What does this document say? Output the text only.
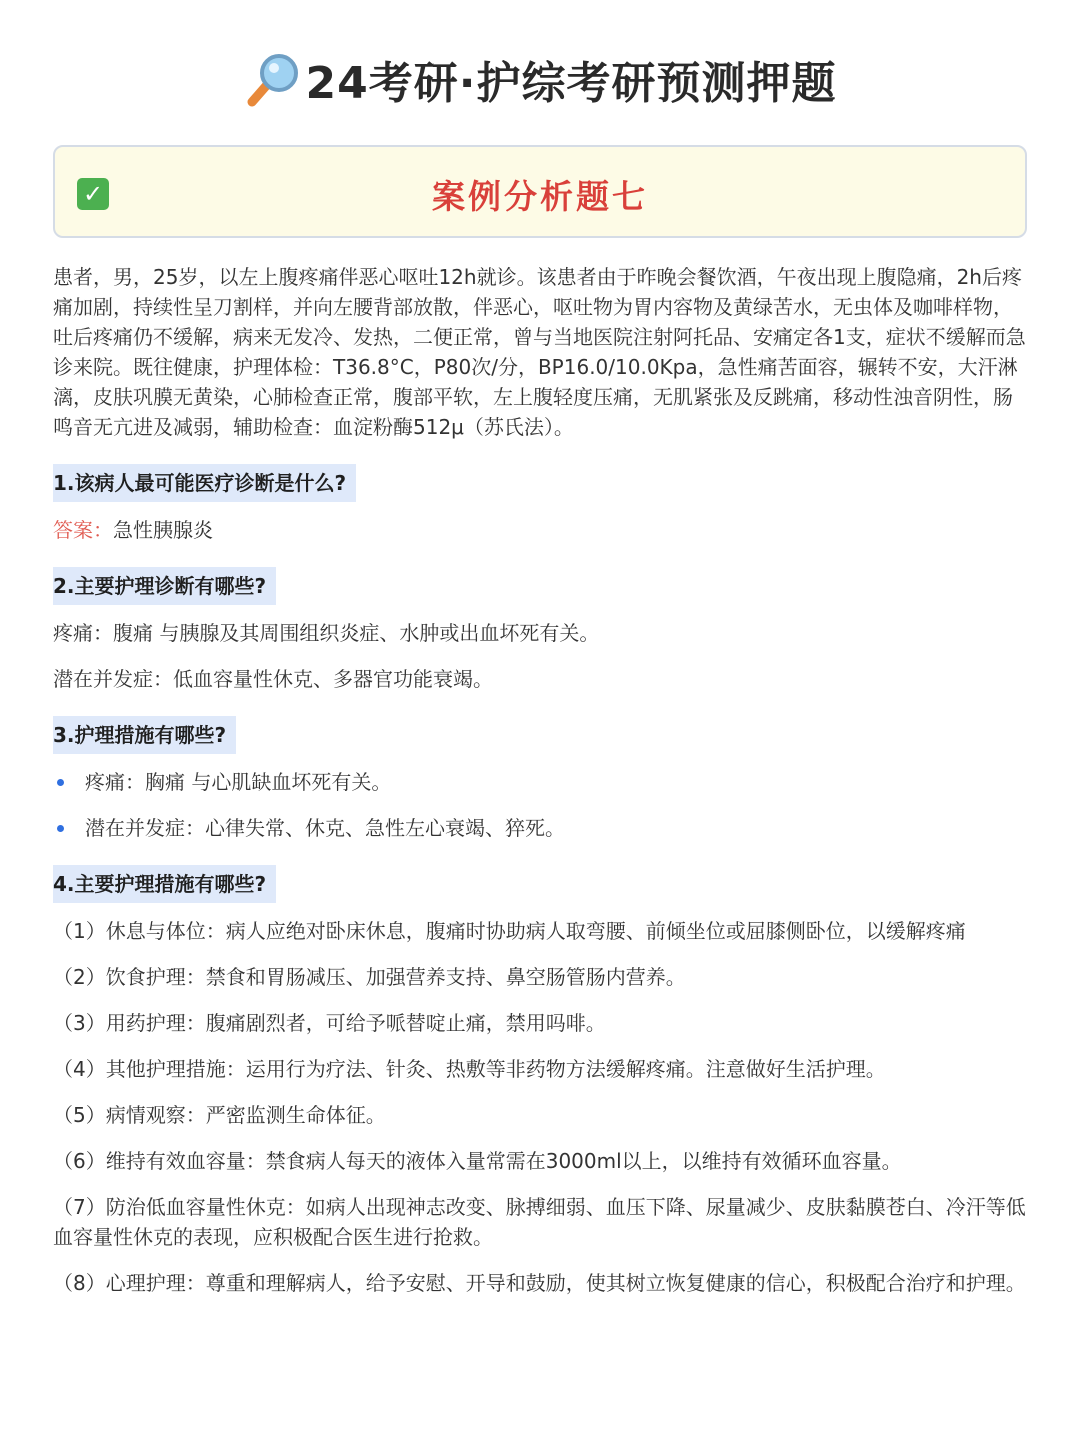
24考研·护综考研预测押题
✓	案例分析题七

患者，男，25岁，以左上腹疼痛伴恶心呕吐12h就诊。该患者由于昨晚会餐饮酒，午夜出现上腹隐痛，2h后疼痛加剧，持续性呈刀割样，并向左腰背部放散，伴恶心，呕吐物为胃内容物及黄绿苦水，无虫体及咖啡样物，吐后疼痛仍不缓解，病来无发冷、发热，二便正常，曾与当地医院注射阿托品、安痛定各1支，症状不缓解而急诊来院。既往健康，护理体检：T36.8°C，P80次/分，BP16.0/10.0Kpa，急性痛苦面容，辗转不安，大汗淋漓，皮肤巩膜无黄染，心肺检查正常，腹部平软，左上腹轻度压痛，无肌紧张及反跳痛，移动性浊音阴性，肠鸣音无亢进及减弱，辅助检查：血淀粉酶512μ（苏氏法）。

1.该病人最可能医疗诊断是什么?

答案：急性胰腺炎

2.主要护理诊断有哪些?

疼痛：腹痛 与胰腺及其周围组织炎症、水肿或出血坏死有关。

潜在并发症：低血容量性休克、多器官功能衰竭。

3.护理措施有哪些?

疼痛：胸痛 与心肌缺血坏死有关。

潜在并发症：心律失常、休克、急性左心衰竭、猝死。

4.主要护理措施有哪些?

（1）休息与体位：病人应绝对卧床休息，腹痛时协助病人取弯腰、前倾坐位或屈膝侧卧位，以缓解疼痛

（2）饮食护理：禁食和胃肠减压、加强营养支持、鼻空肠管肠内营养。

（3）用药护理：腹痛剧烈者，可给予哌替啶止痛，禁用吗啡。

（4）其他护理措施：运用行为疗法、针灸、热敷等非药物方法缓解疼痛。注意做好生活护理。

（5）病情观察：严密监测生命体征。

（6）维持有效血容量：禁食病人每天的液体入量常需在3000ml以上，以维持有效循环血容量。

（7）防治低血容量性休克：如病人出现神志改变、脉搏细弱、血压下降、尿量减少、皮肤黏膜苍白、冷汗等低血容量性休克的表现，应积极配合医生进行抢救。

（8）心理护理：尊重和理解病人，给予安慰、开导和鼓励，使其树立恢复健康的信心，积极配合治疗和护理。
